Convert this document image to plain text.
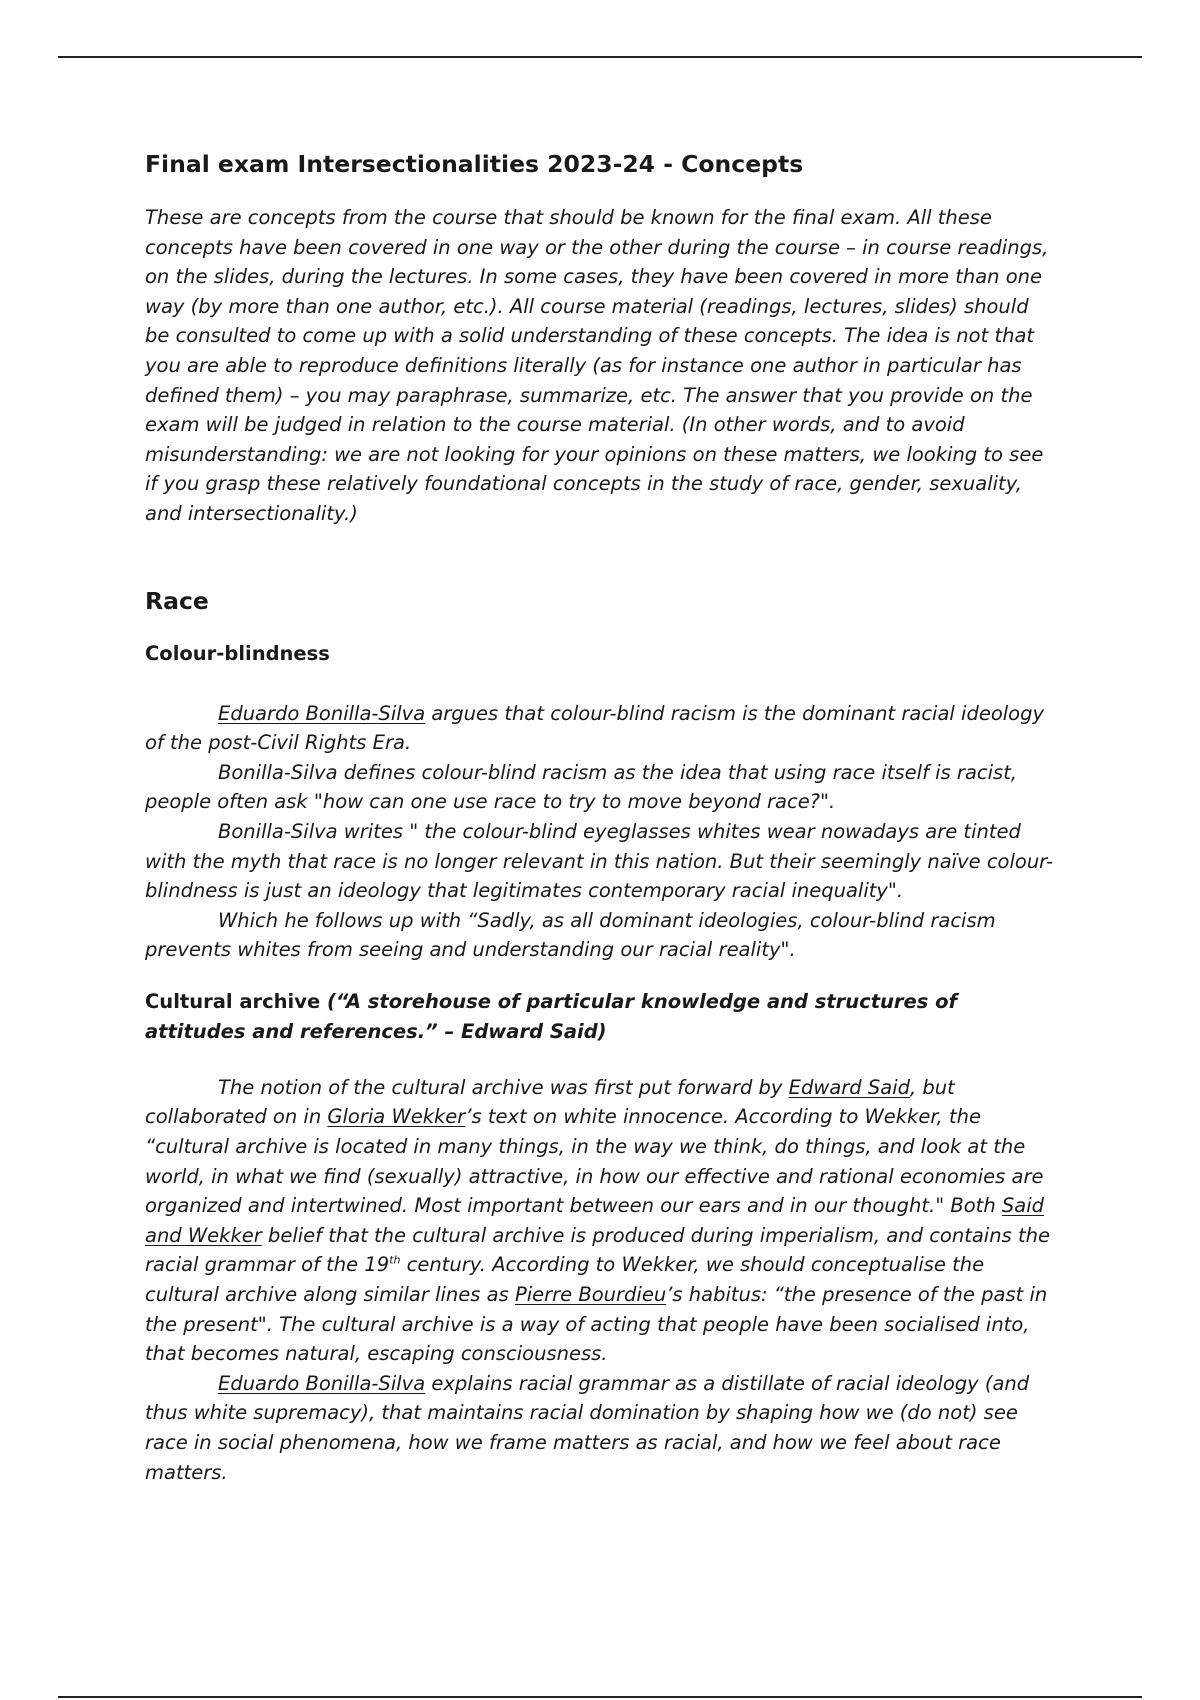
Final exam Intersectionalities 2023-24 - Concepts
These are concepts from the course that should be known for the final exam. All these concepts have been covered in one way or the other during the course – in course readings, on the slides, during the lectures. In some cases, they have been covered in more than one way (by more than one author, etc.). All course material (readings, lectures, slides) should be consulted to come up with a solid understanding of these concepts. The idea is not that you are able to reproduce definitions literally (as for instance one author in particular has defined them) – you may paraphrase, summarize, etc. The answer that you provide on the exam will be judged in relation to the course material. (In other words, and to avoid misunderstanding: we are not looking for your opinions on these matters, we looking to see if you grasp these relatively foundational concepts in the study of race, gender, sexuality, and intersectionality.)
Race
Colour-blindness

Eduardo Bonilla-Silva argues that colour-blind racism is the dominant racial ideology of the post-Civil Rights Era.

Bonilla-Silva defines colour-blind racism as the idea that using race itself is racist, people often ask "how can one use race to try to move beyond race?".

Bonilla-Silva writes " the colour-blind eyeglasses whites wear nowadays are tinted with the myth that race is no longer relevant in this nation. But their seemingly naïve colour-blindness is just an ideology that legitimates contemporary racial inequality".

Which he follows up with “Sadly, as all dominant ideologies, colour-blind racism prevents whites from seeing and understanding our racial reality".

Cultural archive (“A storehouse of particular knowledge and structures of attitudes and references.” – Edward Said)

The notion of the cultural archive was first put forward by Edward Said, but collaborated on in Gloria Wekker’s text on white innocence. According to Wekker, the “cultural archive is located in many things, in the way we think, do things, and look at the world, in what we find (sexually) attractive, in how our effective and rational economies are organized and intertwined. Most important between our ears and in our thought." Both Said and Wekker belief that the cultural archive is produced during imperialism, and contains the racial grammar of the 19th century. According to Wekker, we should conceptualise the cultural archive along similar lines as Pierre Bourdieu’s habitus: “the presence of the past in the present". The cultural archive is a way of acting that people have been socialised into, that becomes natural, escaping consciousness.

Eduardo Bonilla-Silva explains racial grammar as a distillate of racial ideology (and thus white supremacy), that maintains racial domination by shaping how we (do not) see race in social phenomena, how we frame matters as racial, and how we feel about race matters.
